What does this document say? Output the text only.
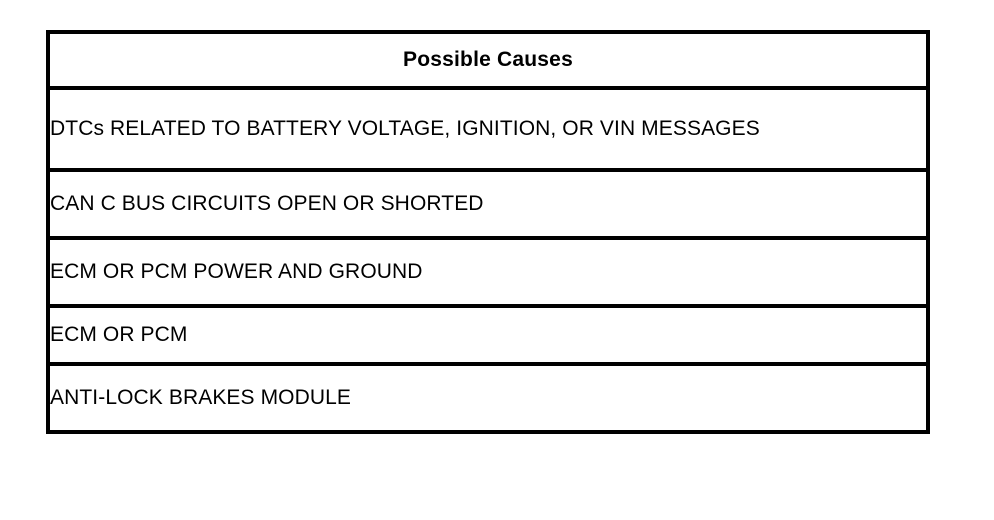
Possible Causes
DTCs RELATED TO BATTERY VOLTAGE, IGNITION, OR VIN MESSAGES
CAN C BUS CIRCUITS OPEN OR SHORTED
ECM OR PCM POWER AND GROUND
ECM OR PCM
ANTI-LOCK BRAKES MODULE
